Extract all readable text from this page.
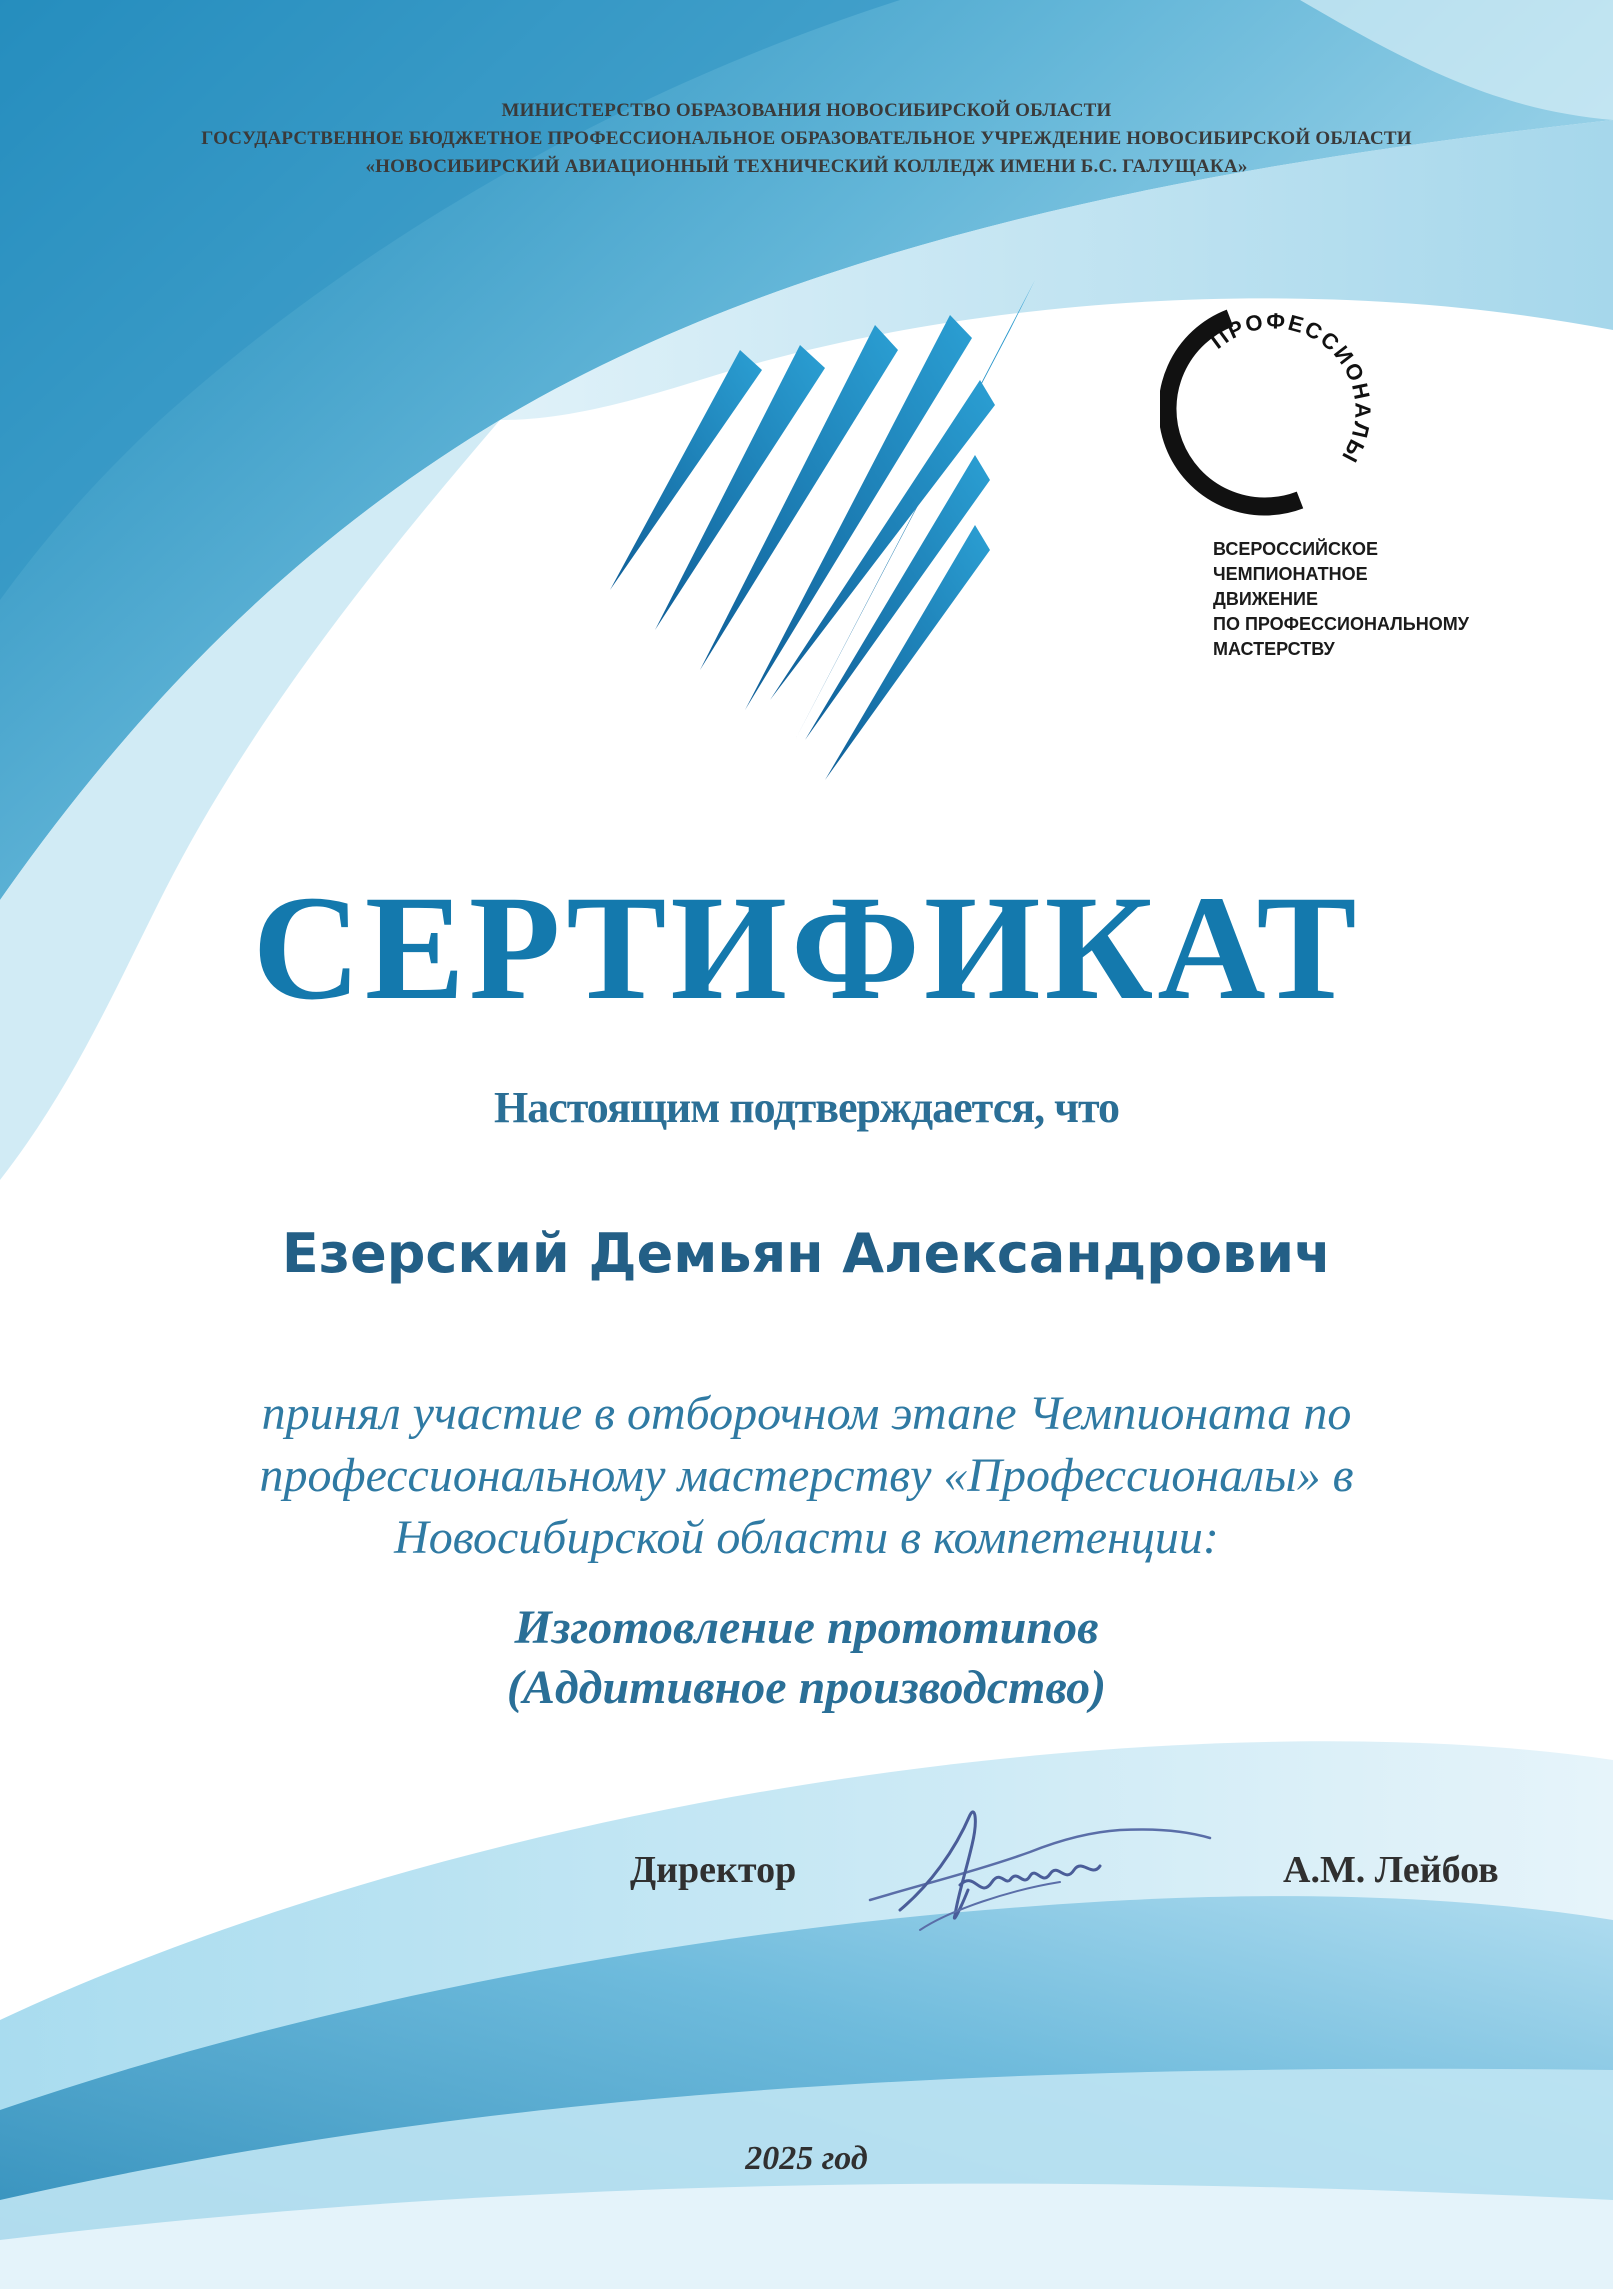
МИНИСТЕРСТВО ОБРАЗОВАНИЯ НОВОСИБИРСКОЙ ОБЛАСТИ
ГОСУДАРСТВЕННОЕ БЮДЖЕТНОЕ ПРОФЕССИОНАЛЬНОЕ ОБРАЗОВАТЕЛЬНОЕ УЧРЕЖДЕНИЕ НОВОСИБИРСКОЙ ОБЛАСТИ
«НОВОСИБИРСКИЙ АВИАЦИОННЫЙ ТЕХНИЧЕСКИЙ КОЛЛЕДЖ ИМЕНИ Б.С. ГАЛУЩАКА»
ПРОФЕССИОНАЛЫ
ВСЕРОССИЙСКОЕ
ЧЕМПИОНАТНОЕ
ДВИЖЕНИЕ
ПО ПРОФЕССИОНАЛЬНОМУ
МАСТЕРСТВУ
СЕРТИФИКАТ
Настоящим подтверждается, что
Езерский Демьян Александрович
принял участие в отборочном этапе Чемпионата по
профессиональному мастерству «Профессионалы» в
Новосибирской области в компетенции:
Изготовление прототипов
(Аддитивное производство)
Директор	А.М. Лейбов
2025 год
